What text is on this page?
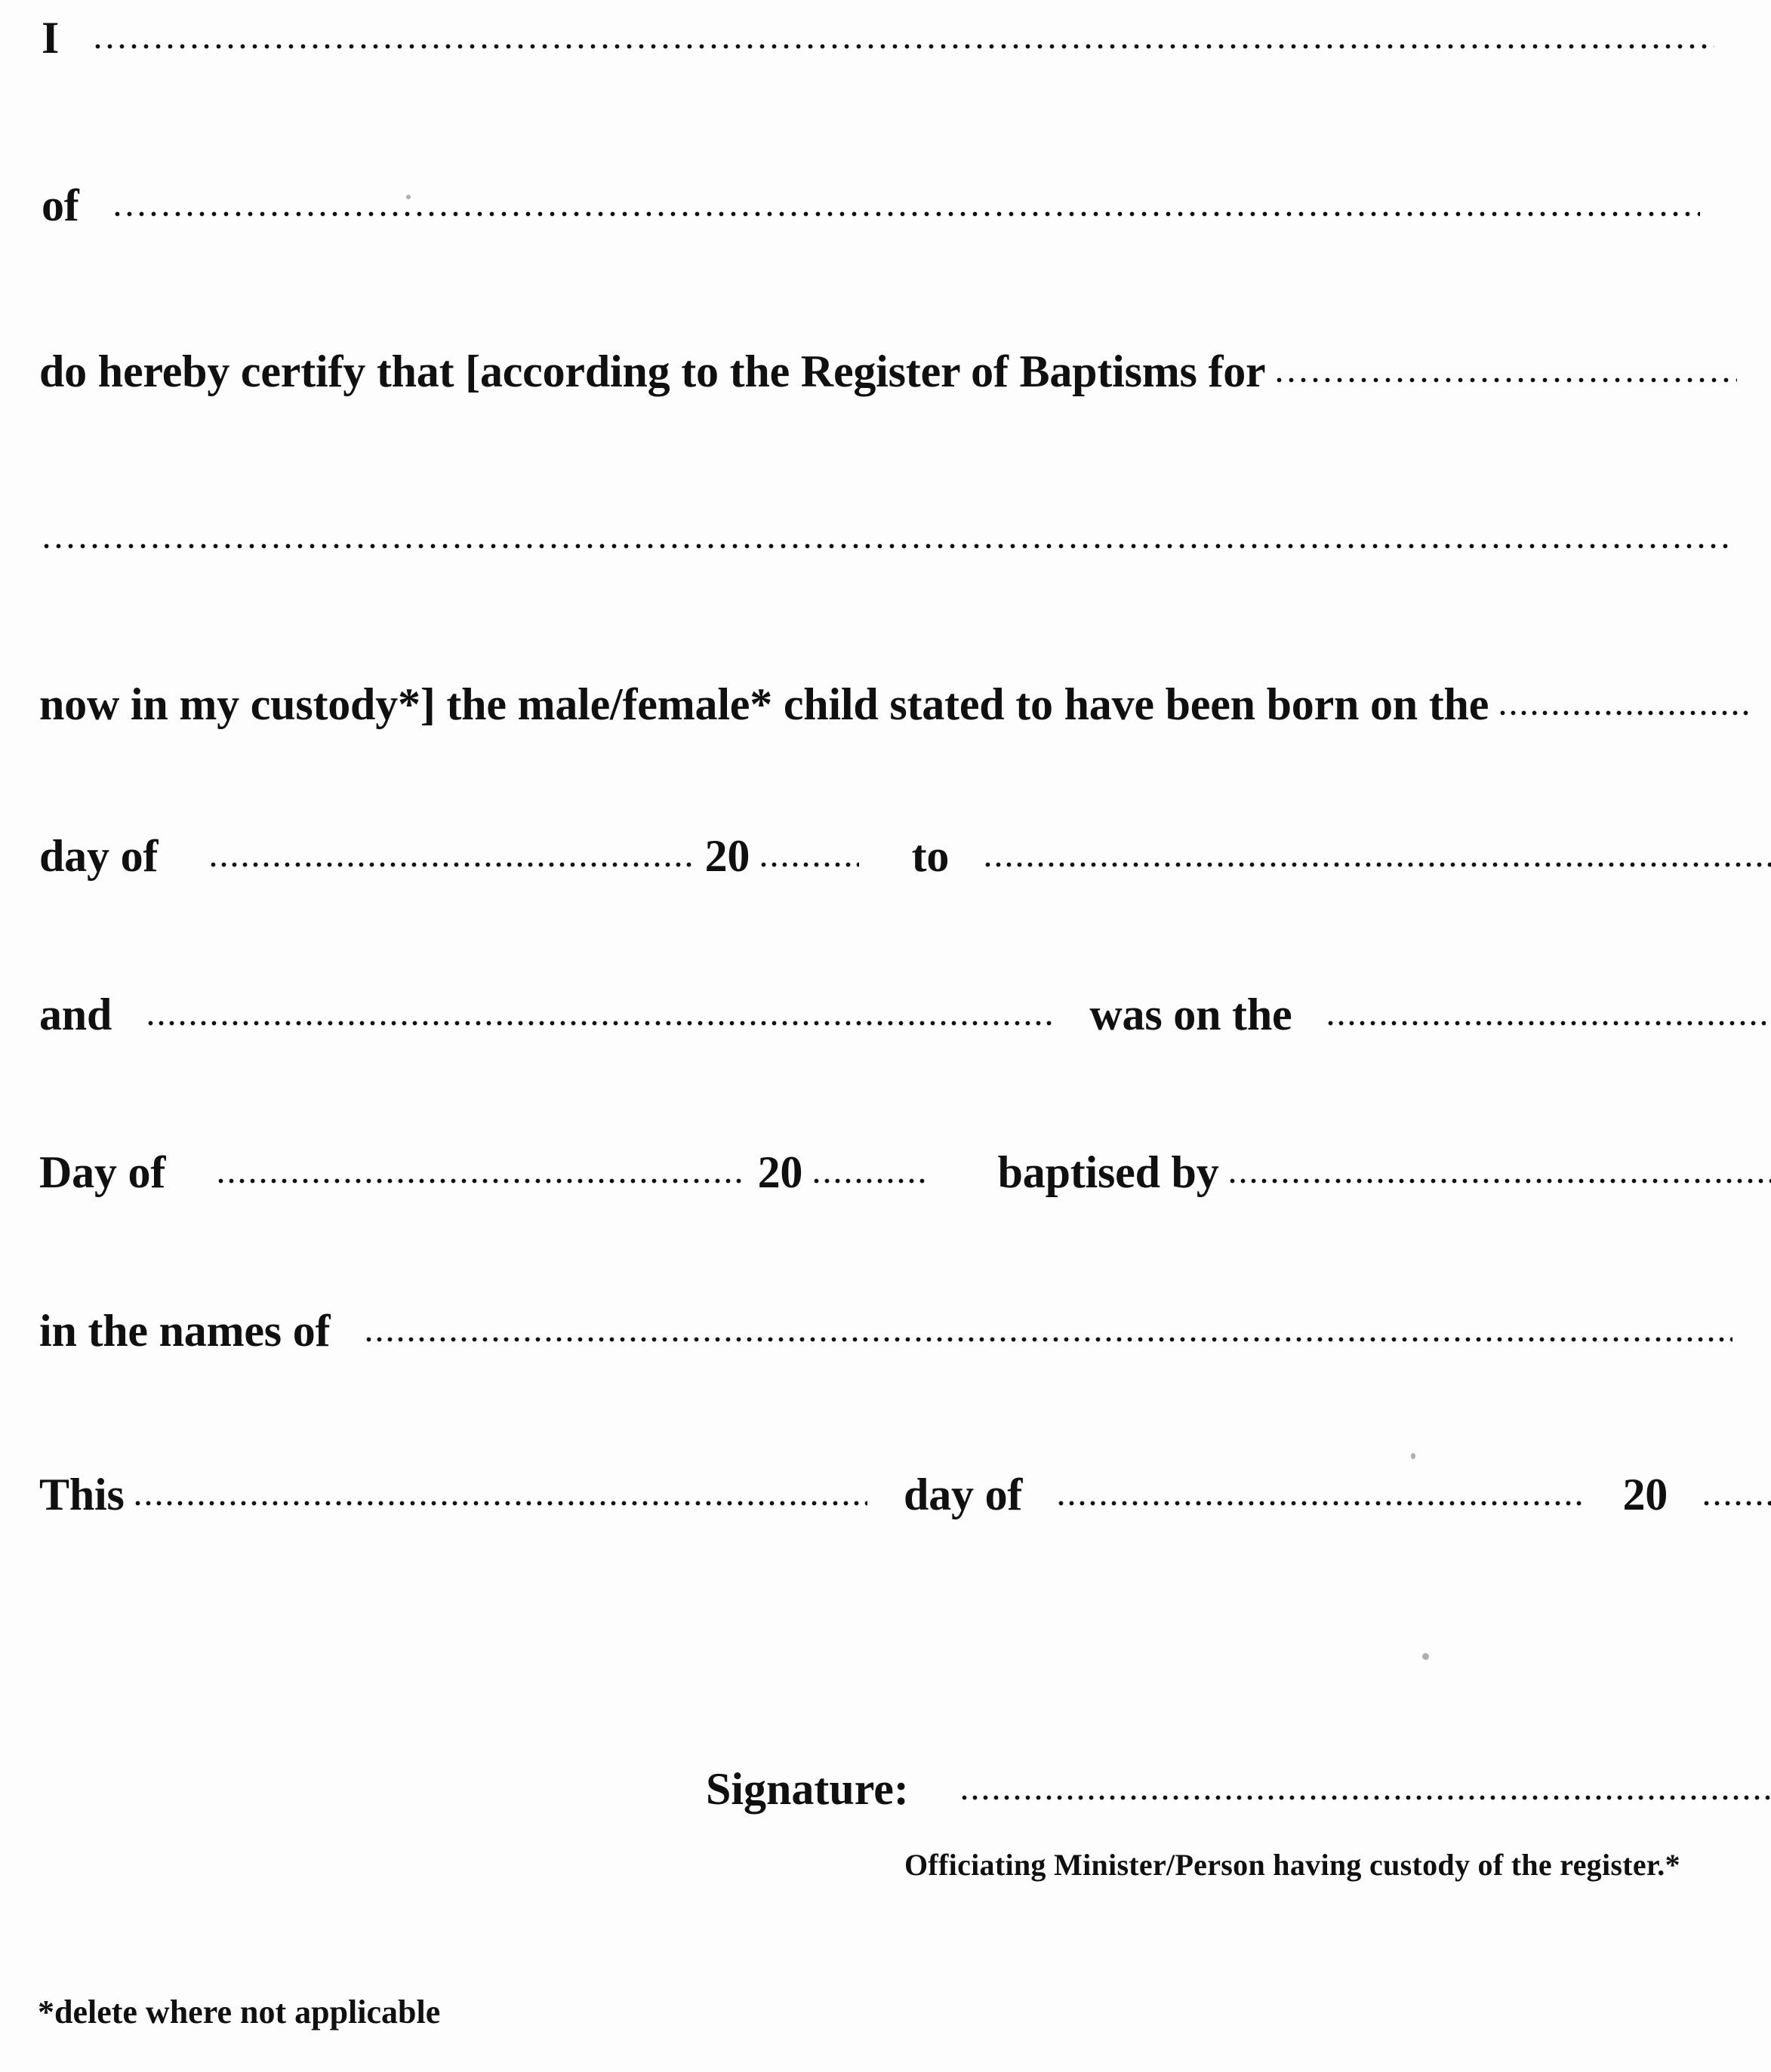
I
of
do hereby certify that [according to the Register of Baptisms for
now in my custody*] the male/female* child stated to have been born on the
day of	20	to
and	was on the
Day of	20	baptised by
in the names of
This	day of	20
Signature:
Officiating Minister/Person having custody of the register.*
*delete where not applicable
